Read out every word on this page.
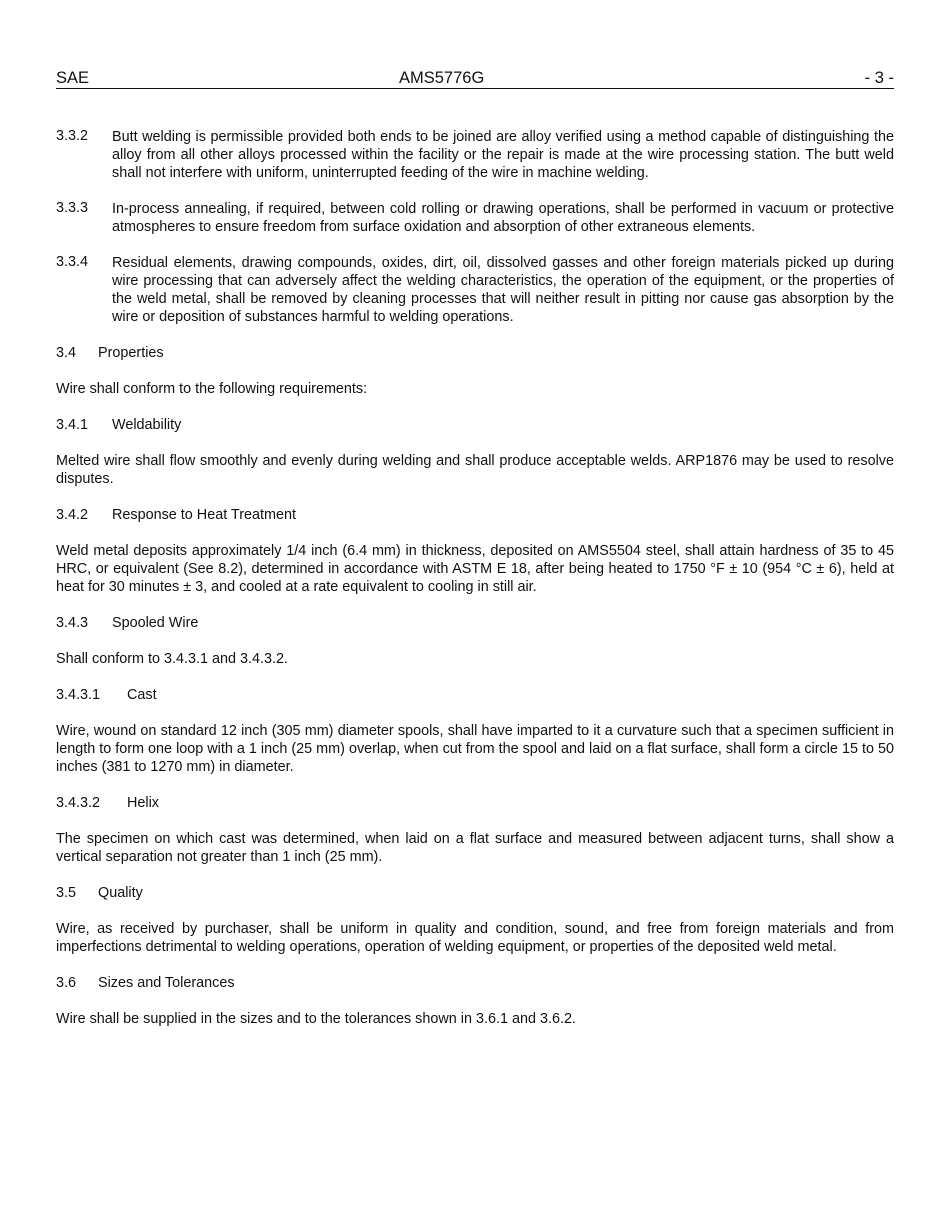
SAE	AMS5776G	- 3 -
3.3.2 Butt welding is permissible provided both ends to be joined are alloy verified using a method capable of distinguishing the alloy from all other alloys processed within the facility or the repair is made at the wire processing station. The butt weld shall not interfere with uniform, uninterrupted feeding of the wire in machine welding.

3.3.3 In-process annealing, if required, between cold rolling or drawing operations, shall be performed in vacuum or protective atmospheres to ensure freedom from surface oxidation and absorption of other extraneous elements.

3.3.4 Residual elements, drawing compounds, oxides, dirt, oil, dissolved gasses and other foreign materials picked up during wire processing that can adversely affect the welding characteristics, the operation of the equipment, or the properties of the weld metal, shall be removed by cleaning processes that will neither result in pitting nor cause gas absorption by the wire or deposition of substances harmful to welding operations.

3.4 Properties

Wire shall conform to the following requirements:

3.4.1 Weldability

Melted wire shall flow smoothly and evenly during welding and shall produce acceptable welds. ARP1876 may be used to resolve disputes.

3.4.2 Response to Heat Treatment

Weld metal deposits approximately 1/4 inch (6.4 mm) in thickness, deposited on AMS5504 steel, shall attain hardness of 35 to 45 HRC, or equivalent (See 8.2), determined in accordance with ASTM E 18, after being heated to 1750 °F ± 10 (954 °C ± 6), held at heat for 30 minutes ± 3, and cooled at a rate equivalent to cooling in still air.

3.4.3 Spooled Wire

Shall conform to 3.4.3.1 and 3.4.3.2.

3.4.3.1 Cast

Wire, wound on standard 12 inch (305 mm) diameter spools, shall have imparted to it a curvature such that a specimen sufficient in length to form one loop with a 1 inch (25 mm) overlap, when cut from the spool and laid on a flat surface, shall form a circle 15 to 50 inches (381 to 1270 mm) in diameter.

3.4.3.2 Helix

The specimen on which cast was determined, when laid on a flat surface and measured between adjacent turns, shall show a vertical separation not greater than 1 inch (25 mm).

3.5 Quality

Wire, as received by purchaser, shall be uniform in quality and condition, sound, and free from foreign materials and from imperfections detrimental to welding operations, operation of welding equipment, or properties of the deposited weld metal.

3.6 Sizes and Tolerances

Wire shall be supplied in the sizes and to the tolerances shown in 3.6.1 and 3.6.2.
